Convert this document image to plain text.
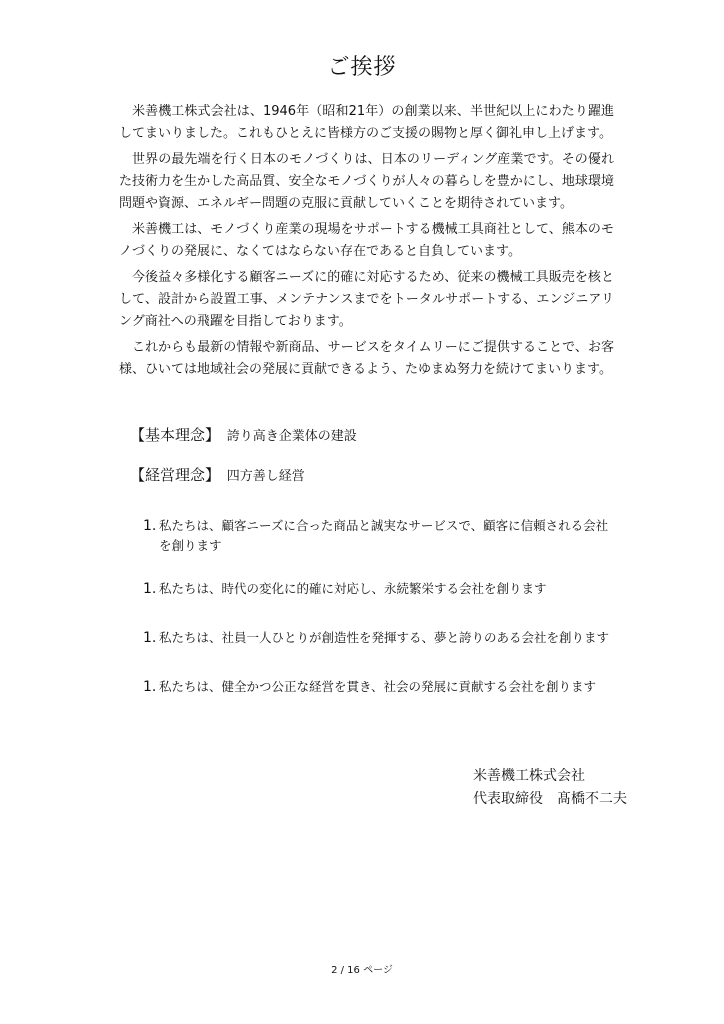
ご挨拶

米善機工株式会社は、1946年（昭和21年）の創業以来、半世紀以上にわたり躍進してまいりました。これもひとえに皆様方のご支援の賜物と厚く御礼申し上げます。

世界の最先端を行く日本のモノづくりは、日本のリーディング産業です。その優れた技術力を生かした高品質、安全なモノづくりが人々の暮らしを豊かにし、地球環境問題や資源、エネルギー問題の克服に貢献していくことを期待されています。

米善機工は、モノづくり産業の現場をサポートする機械工具商社として、熊本のモノづくりの発展に、なくてはならない存在であると自負しています。

今後益々多様化する顧客ニーズに的確に対応するため、従来の機械工具販売を核として、設計から設置工事、メンテナンスまでをトータルサポートする、エンジニアリング商社への飛躍を目指しております。

これからも最新の情報や新商品、サービスをタイムリーにご提供することで、お客様、ひいては地域社会の発展に貢献できるよう、たゆまぬ努力を続けてまいります。

【基本理念】 誇り高き企業体の建設
【経営理念】 四方善し経営
1. 私たちは、顧客ニーズに合った商品と誠実なサービスで、顧客に信頼される会社を創ります
1. 私たちは、時代の変化に的確に対応し、永続繁栄する会社を創ります
1. 私たちは、社員一人ひとりが創造性を発揮する、夢と誇りのある会社を創ります
1. 私たちは、健全かつ公正な経営を貫き、社会の発展に貢献する会社を創ります
米善機工株式会社
代表取締役　髙橋不二夫
2 / 16 ページ
